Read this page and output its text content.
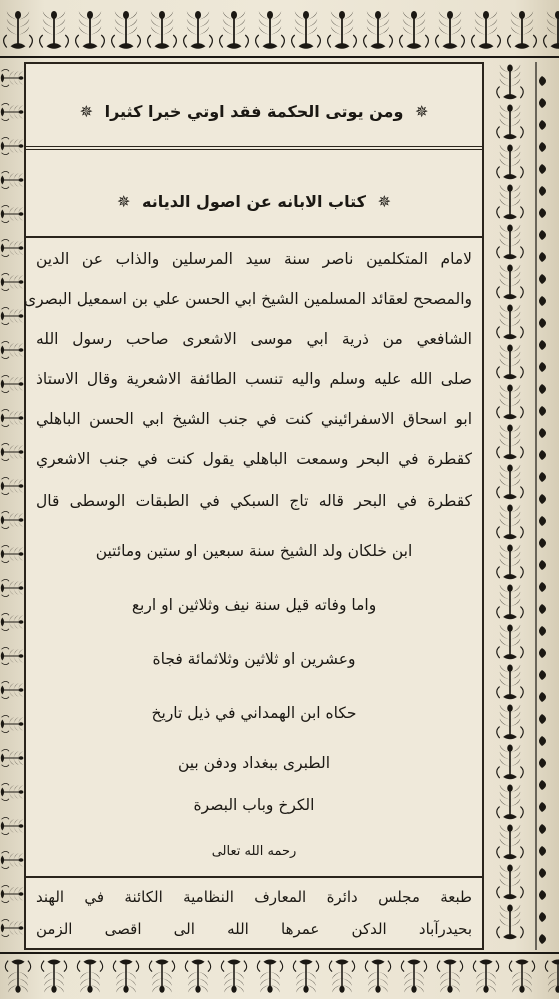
✵ ومن يوتى الحكمة فقد اوتي خيرا كثيرا ✵
✵ كتاب الابانه عن اصول الديانه ✵
لامام المتكلمين ناصر سنة سيد المرسلين والذاب عن الدين
والمصحح لعقائد المسلمين الشيخ ابي الحسن علي بن اسمعيل البصرى
الشافعي من ذرية ابي موسى الاشعرى صاحب رسول الله
صلى الله عليه وسلم واليه تنسب الطائفة الاشعرية وقال الاستاذ
ابو اسحاق الاسفرائيني كنت في جنب الشيخ ابي الحسن الباهلي
كقطرة في البحر وسمعت الباهلي يقول كنت في جنب الاشعري
كقطرة في البحر قاله تاج السبكي في الطبقات الوسطى قال
ابن خلكان ولد الشيخ سنة سبعين او ستين ومائتين
واما وفاته قيل سنة نيف وثلاثين او اربع
وعشرين او ثلاثين وثلاثمائة فجاة
حكاه ابن الهمداني في ذيل تاريخ
الطبرى ببغداد ودفن بين
الكرخ وباب البصرة
رحمه الله تعالى
طبعة مجلس دائرة المعارف النظامية الكائنة في الهند
بحيدرآباد الدكن عمرها الله الى اقصى الزمن
